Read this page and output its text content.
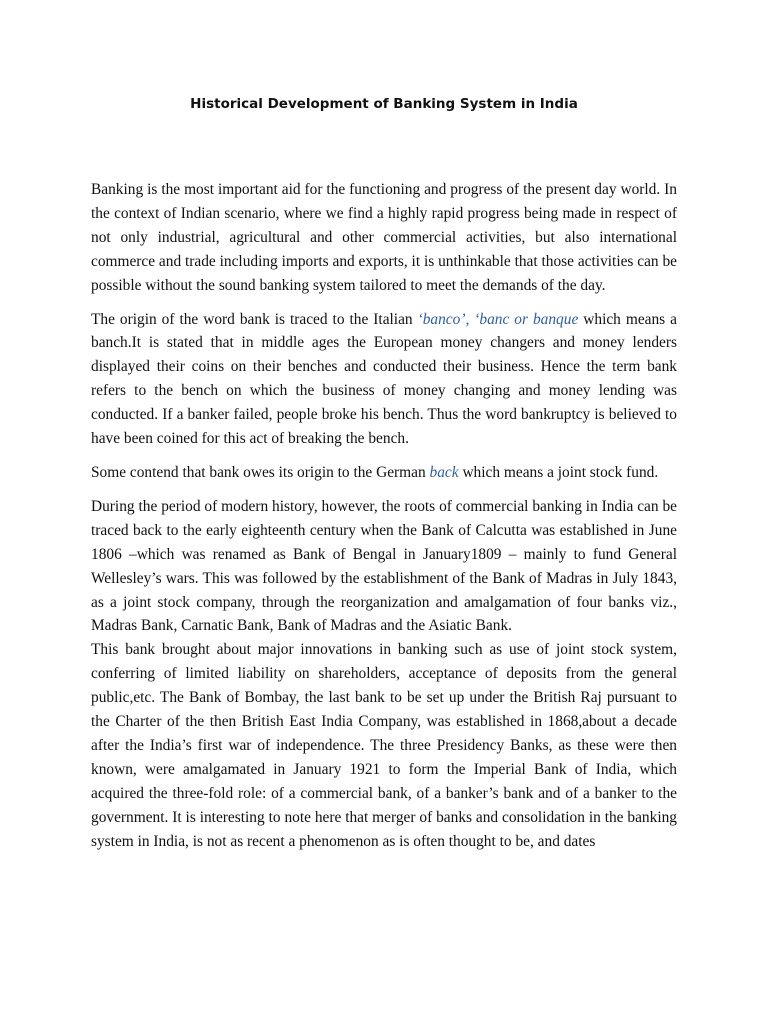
Historical Development of Banking System in India

Banking is the most important aid for the functioning and progress of the present day world. In the context of Indian scenario, where we find a highly rapid progress being made in respect of not only industrial, agricultural and other commercial activities, but also international commerce and trade including imports and exports, it is unthinkable that those activities can be possible without the sound banking system tailored to meet the demands of the day.

The origin of the word bank is traced to the Italian ‘banco’, ‘banc or banque which means a banch.It is stated that in middle ages the European money changers and money lenders displayed their coins on their benches and conducted their business. Hence the term bank refers to the bench on which the business of money changing and money lending was conducted. If a banker failed, people broke his bench. Thus the word bankruptcy is believed to have been coined for this act of breaking the bench.

Some contend that bank owes its origin to the German back which means a joint stock fund.

During the period of modern history, however, the roots of commercial banking in India can be traced back to the early eighteenth century when the Bank of Calcutta was established in June 1806 –which was renamed as Bank of Bengal in January1809 – mainly to fund General Wellesley’s wars. This was followed by the establishment of the Bank of Madras in July 1843, as a joint stock company, through the reorganization and amalgamation of four banks viz., Madras Bank, Carnatic Bank, Bank of Madras and the Asiatic Bank.

This bank brought about major innovations in banking such as use of joint stock system, conferring of limited liability on shareholders, acceptance of deposits from the general public,etc. The Bank of Bombay, the last bank to be set up under the British Raj pursuant to the Charter of the then British East India Company, was established in 1868,about a decade after the India’s first war of independence. The three Presidency Banks, as these were then known, were amalgamated in January 1921 to form the Imperial Bank of India, which acquired the three-fold role: of a commercial bank, of a banker’s bank and of a banker to the government. It is interesting to note here that merger of banks and consolidation in the banking system in India, is not as recent a phenomenon as is often thought to be, and dates
